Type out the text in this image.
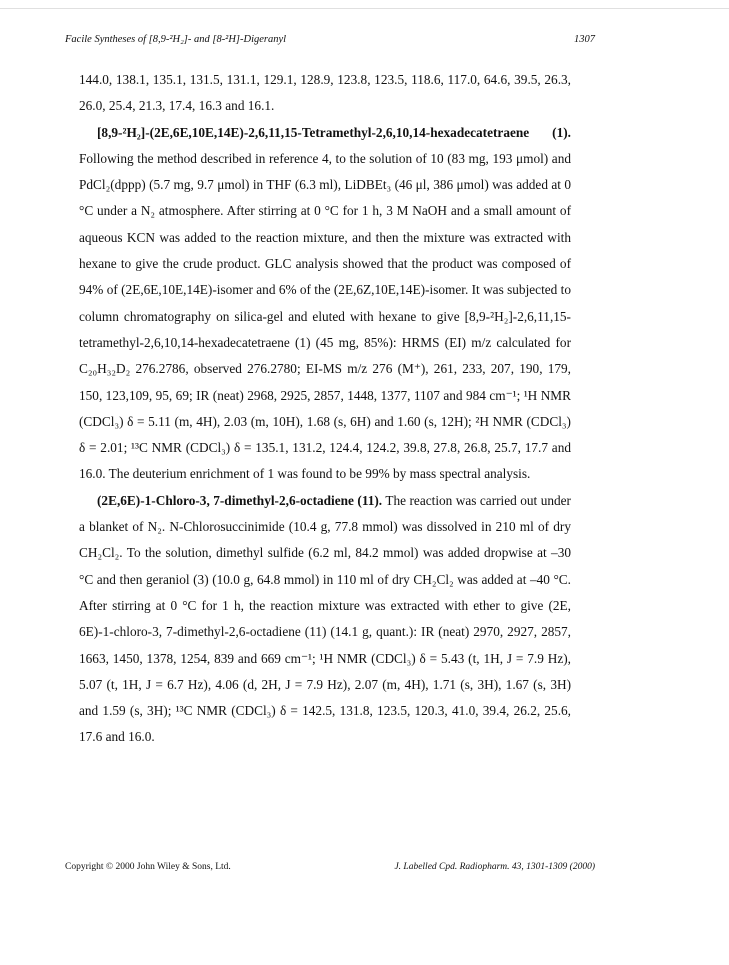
Facile Syntheses of [8,9-²H₂]- and [8-²H]-Digeranyl	1307

144.0, 138.1, 135.1, 131.5, 131.1, 129.1, 128.9, 123.8, 123.5, 118.6, 117.0, 64.6, 39.5, 26.3, 26.0, 25.4, 21.3, 17.4, 16.3 and 16.1.

[8,9-²H₂]-(2E,6E,10E,14E)-2,6,11,15-Tetramethyl-2,6,10,14-hexadecatetraene (1). Following the method described in reference 4, to the solution of 10 (83 mg, 193 μmol) and PdCl₂(dppp) (5.7 mg, 9.7 μmol) in THF (6.3 ml), LiDBEt₃ (46 μl, 386 μmol) was added at 0 °C under a N₂ atmosphere. After stirring at 0 °C for 1 h, 3 M NaOH and a small amount of aqueous KCN was added to the reaction mixture, and then the mixture was extracted with hexane to give the crude product. GLC analysis showed that the product was composed of 94% of (2E,6E,10E,14E)-isomer and 6% of the (2E,6Z,10E,14E)-isomer. It was subjected to column chromatography on silica-gel and eluted with hexane to give [8,9-²H₂]-2,6,11,15-tetramethyl-2,6,10,14-hexadecatetraene (1) (45 mg, 85%): HRMS (EI) m/z calculated for C₂₀H₃₂D₂ 276.2786, observed 276.2780; EI-MS m/z 276 (M⁺), 261, 233, 207, 190, 179, 150, 123,109, 95, 69; IR (neat) 2968, 2925, 2857, 1448, 1377, 1107 and 984 cm⁻¹; ¹H NMR (CDCl₃) δ = 5.11 (m, 4H), 2.03 (m, 10H), 1.68 (s, 6H) and 1.60 (s, 12H); ²H NMR (CDCl₃) δ = 2.01; ¹³C NMR (CDCl₃) δ = 135.1, 131.2, 124.4, 124.2, 39.8, 27.8, 26.8, 25.7, 17.7 and 16.0. The deuterium enrichment of 1 was found to be 99% by mass spectral analysis.

(2E,6E)-1-Chloro-3, 7-dimethyl-2,6-octadiene (11). The reaction was carried out under a blanket of N₂. N-Chlorosuccinimide (10.4 g, 77.8 mmol) was dissolved in 210 ml of dry CH₂Cl₂. To the solution, dimethyl sulfide (6.2 ml, 84.2 mmol) was added dropwise at –30 °C and then geraniol (3) (10.0 g, 64.8 mmol) in 110 ml of dry CH₂Cl₂ was added at –40 °C. After stirring at 0 °C for 1 h, the reaction mixture was extracted with ether to give (2E, 6E)-1-chloro-3, 7-dimethyl-2,6-octadiene (11) (14.1 g, quant.): IR (neat) 2970, 2927, 2857, 1663, 1450, 1378, 1254, 839 and 669 cm⁻¹; ¹H NMR (CDCl₃) δ = 5.43 (t, 1H, J = 7.9 Hz), 5.07 (t, 1H, J = 6.7 Hz), 4.06 (d, 2H, J = 7.9 Hz), 2.07 (m, 4H), 1.71 (s, 3H), 1.67 (s, 3H) and 1.59 (s, 3H); ¹³C NMR (CDCl₃) δ = 142.5, 131.8, 123.5, 120.3, 41.0, 39.4, 26.2, 25.6, 17.6 and 16.0.

Copyright © 2000 John Wiley & Sons, Ltd.	J. Labelled Cpd. Radiopharm. 43, 1301-1309 (2000)
